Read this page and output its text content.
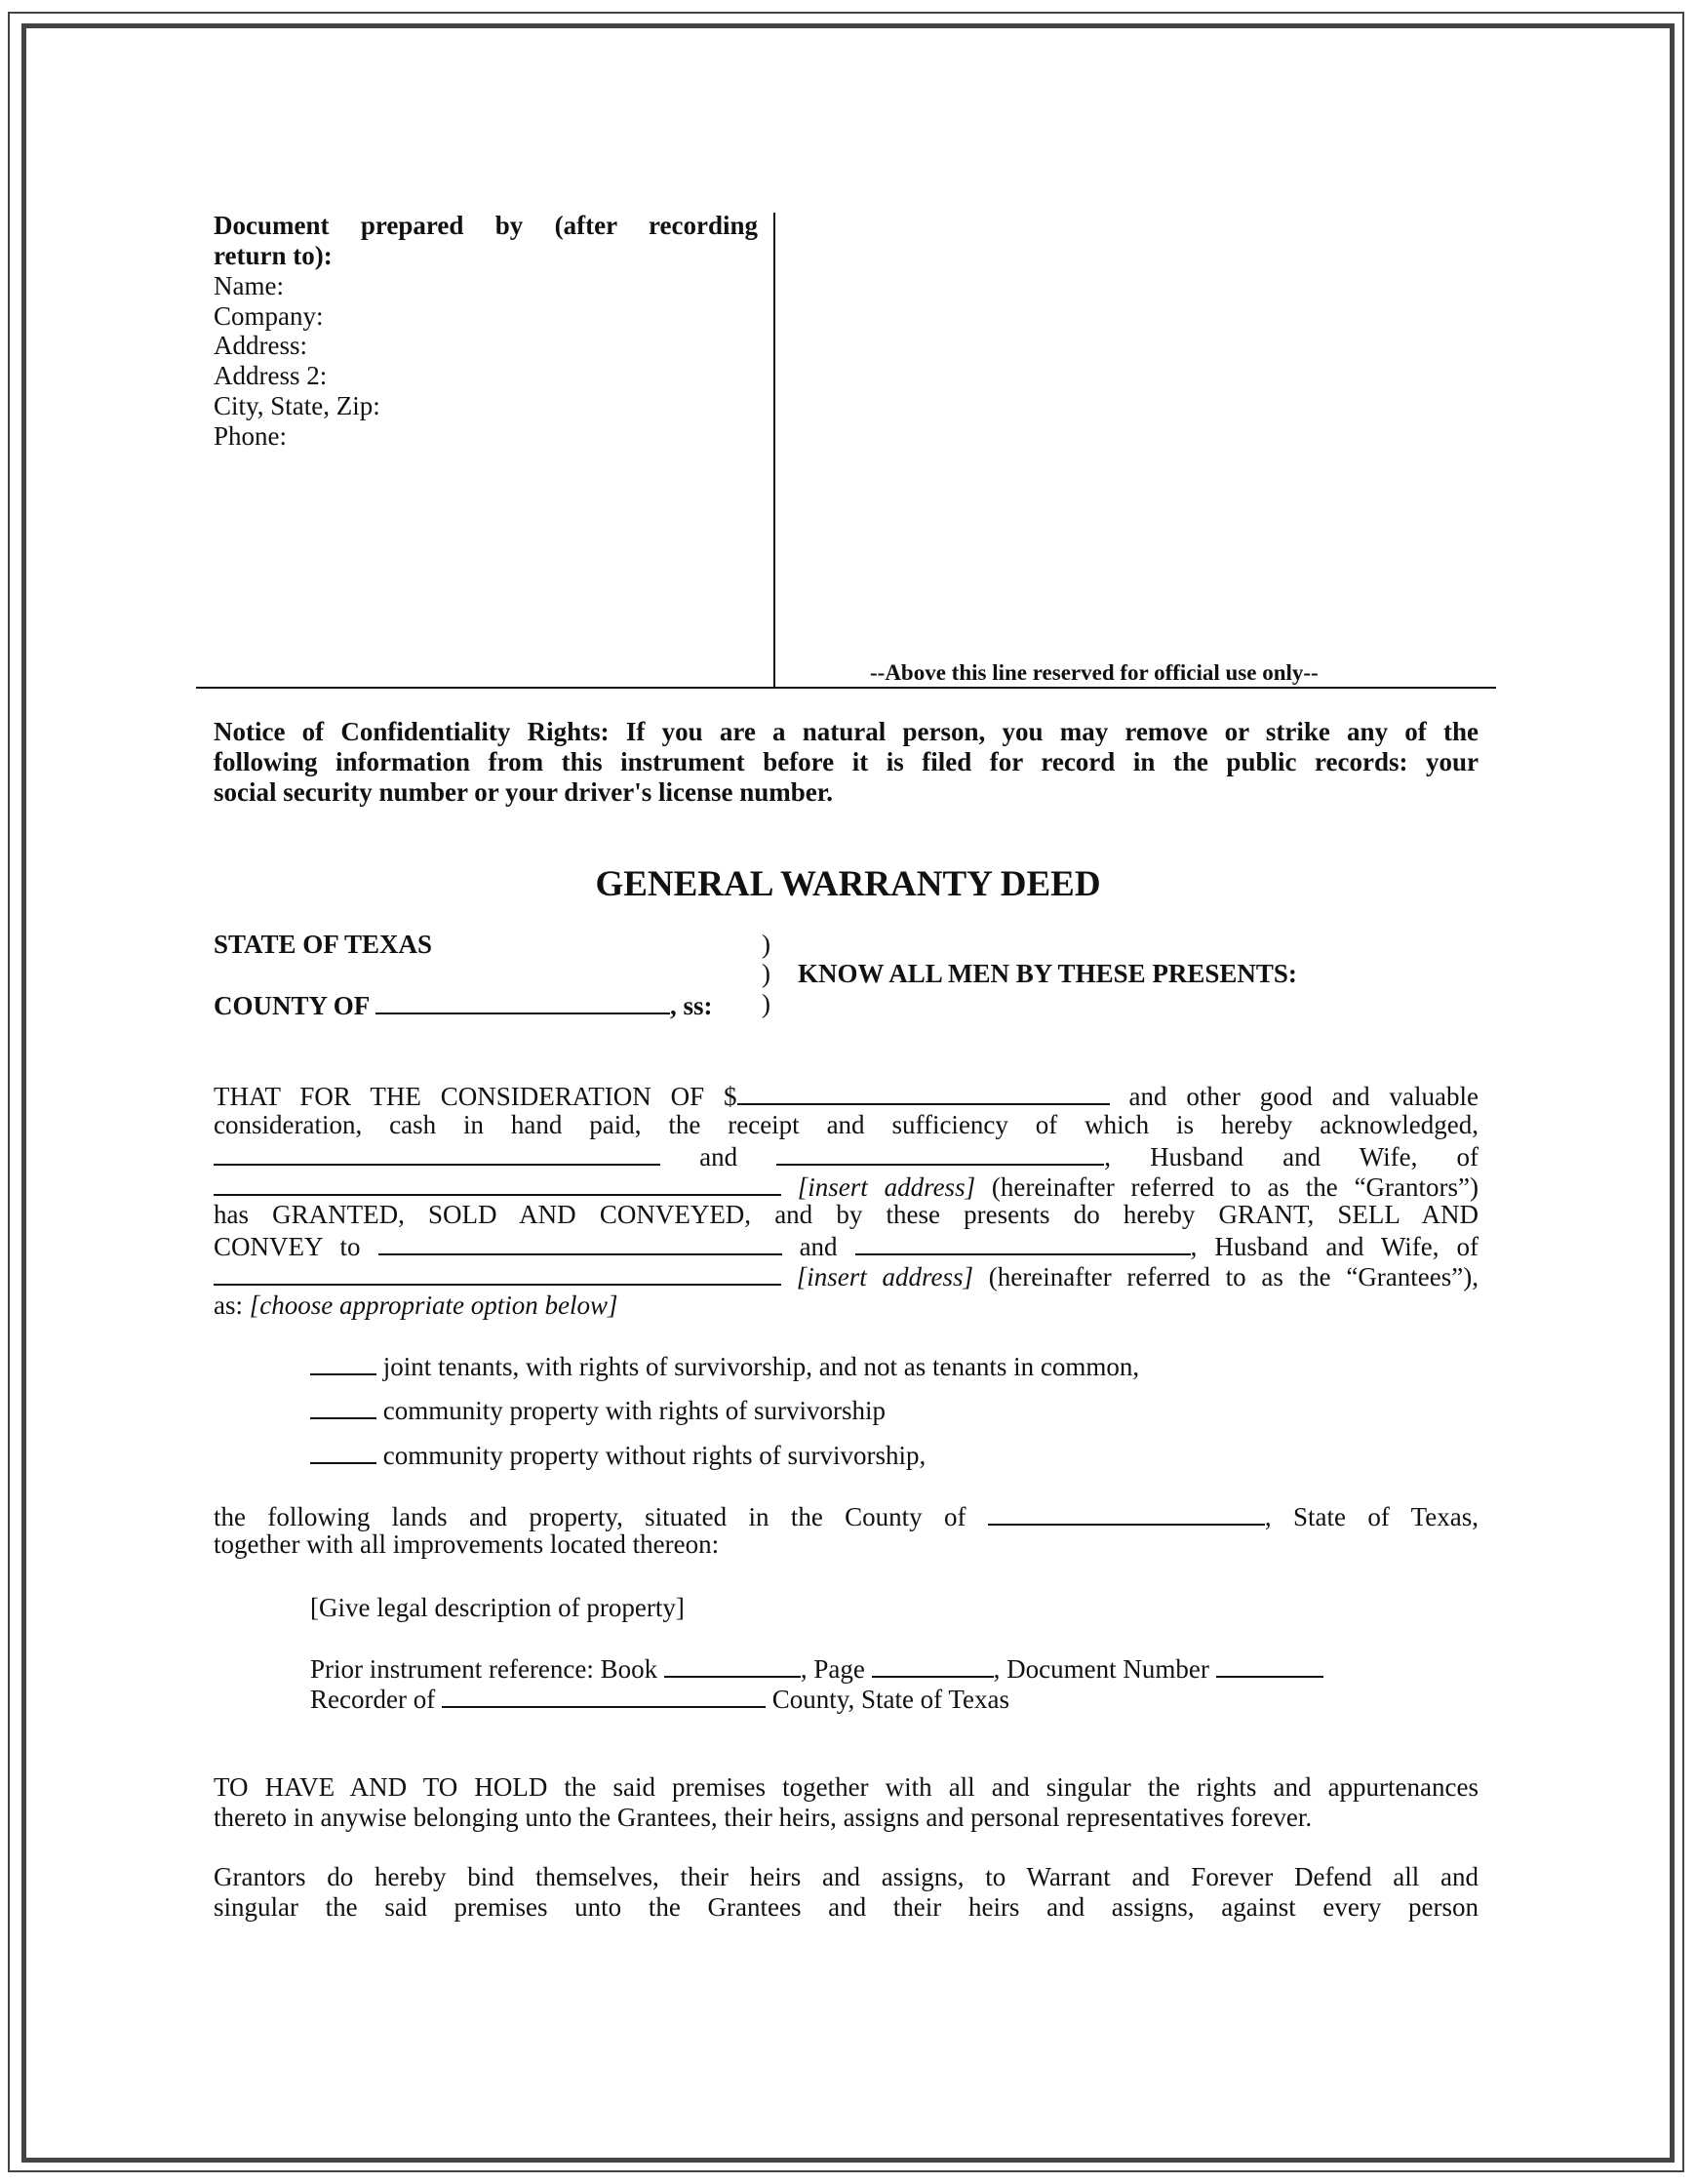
Document prepared by (after recording
return to):
Name:
Company:
Address:
Address 2:
City, State, Zip:
Phone:
--Above this line reserved for official use only--
Notice of Confidentiality Rights: If you are a natural person, you may remove or strike any of the
following information from this instrument before it is filed for record in the public records: your
social security number or your driver's license number.
GENERAL WARRANTY DEED
STATE OF TEXAS	)
)
)
KNOW ALL MEN BY THESE PRESENTS:
COUNTY OF	, ss:
THAT FOR THE CONSIDERATION OF $	and other good and valuable
consideration, cash in hand paid, the receipt and sufficiency of which is hereby acknowledged,
and	, Husband and Wife, of
[insert address] (hereinafter referred to as the “Grantors”)
has GRANTED, SOLD AND CONVEYED, and by these presents do hereby GRANT, SELL AND
CONVEY to	and	, Husband and Wife, of
[insert address] (hereinafter referred to as the “Grantees”),
as: [choose appropriate option below]
joint tenants, with rights of survivorship, and not as tenants in common,
community property with rights of survivorship
community property without rights of survivorship,
the following lands and property, situated in the County of	, State of Texas,
together with all improvements located thereon:
[Give legal description of property]
Prior instrument reference: Book	, Page	, Document Number
Recorder of	County, State of Texas
TO HAVE AND TO HOLD the said premises together with all and singular the rights and appurtenances
thereto in anywise belonging unto the Grantees, their heirs, assigns and personal representatives forever.
Grantors do hereby bind themselves, their heirs and assigns, to Warrant and Forever Defend all and
singular the said premises unto the Grantees and their heirs and assigns, against every person
